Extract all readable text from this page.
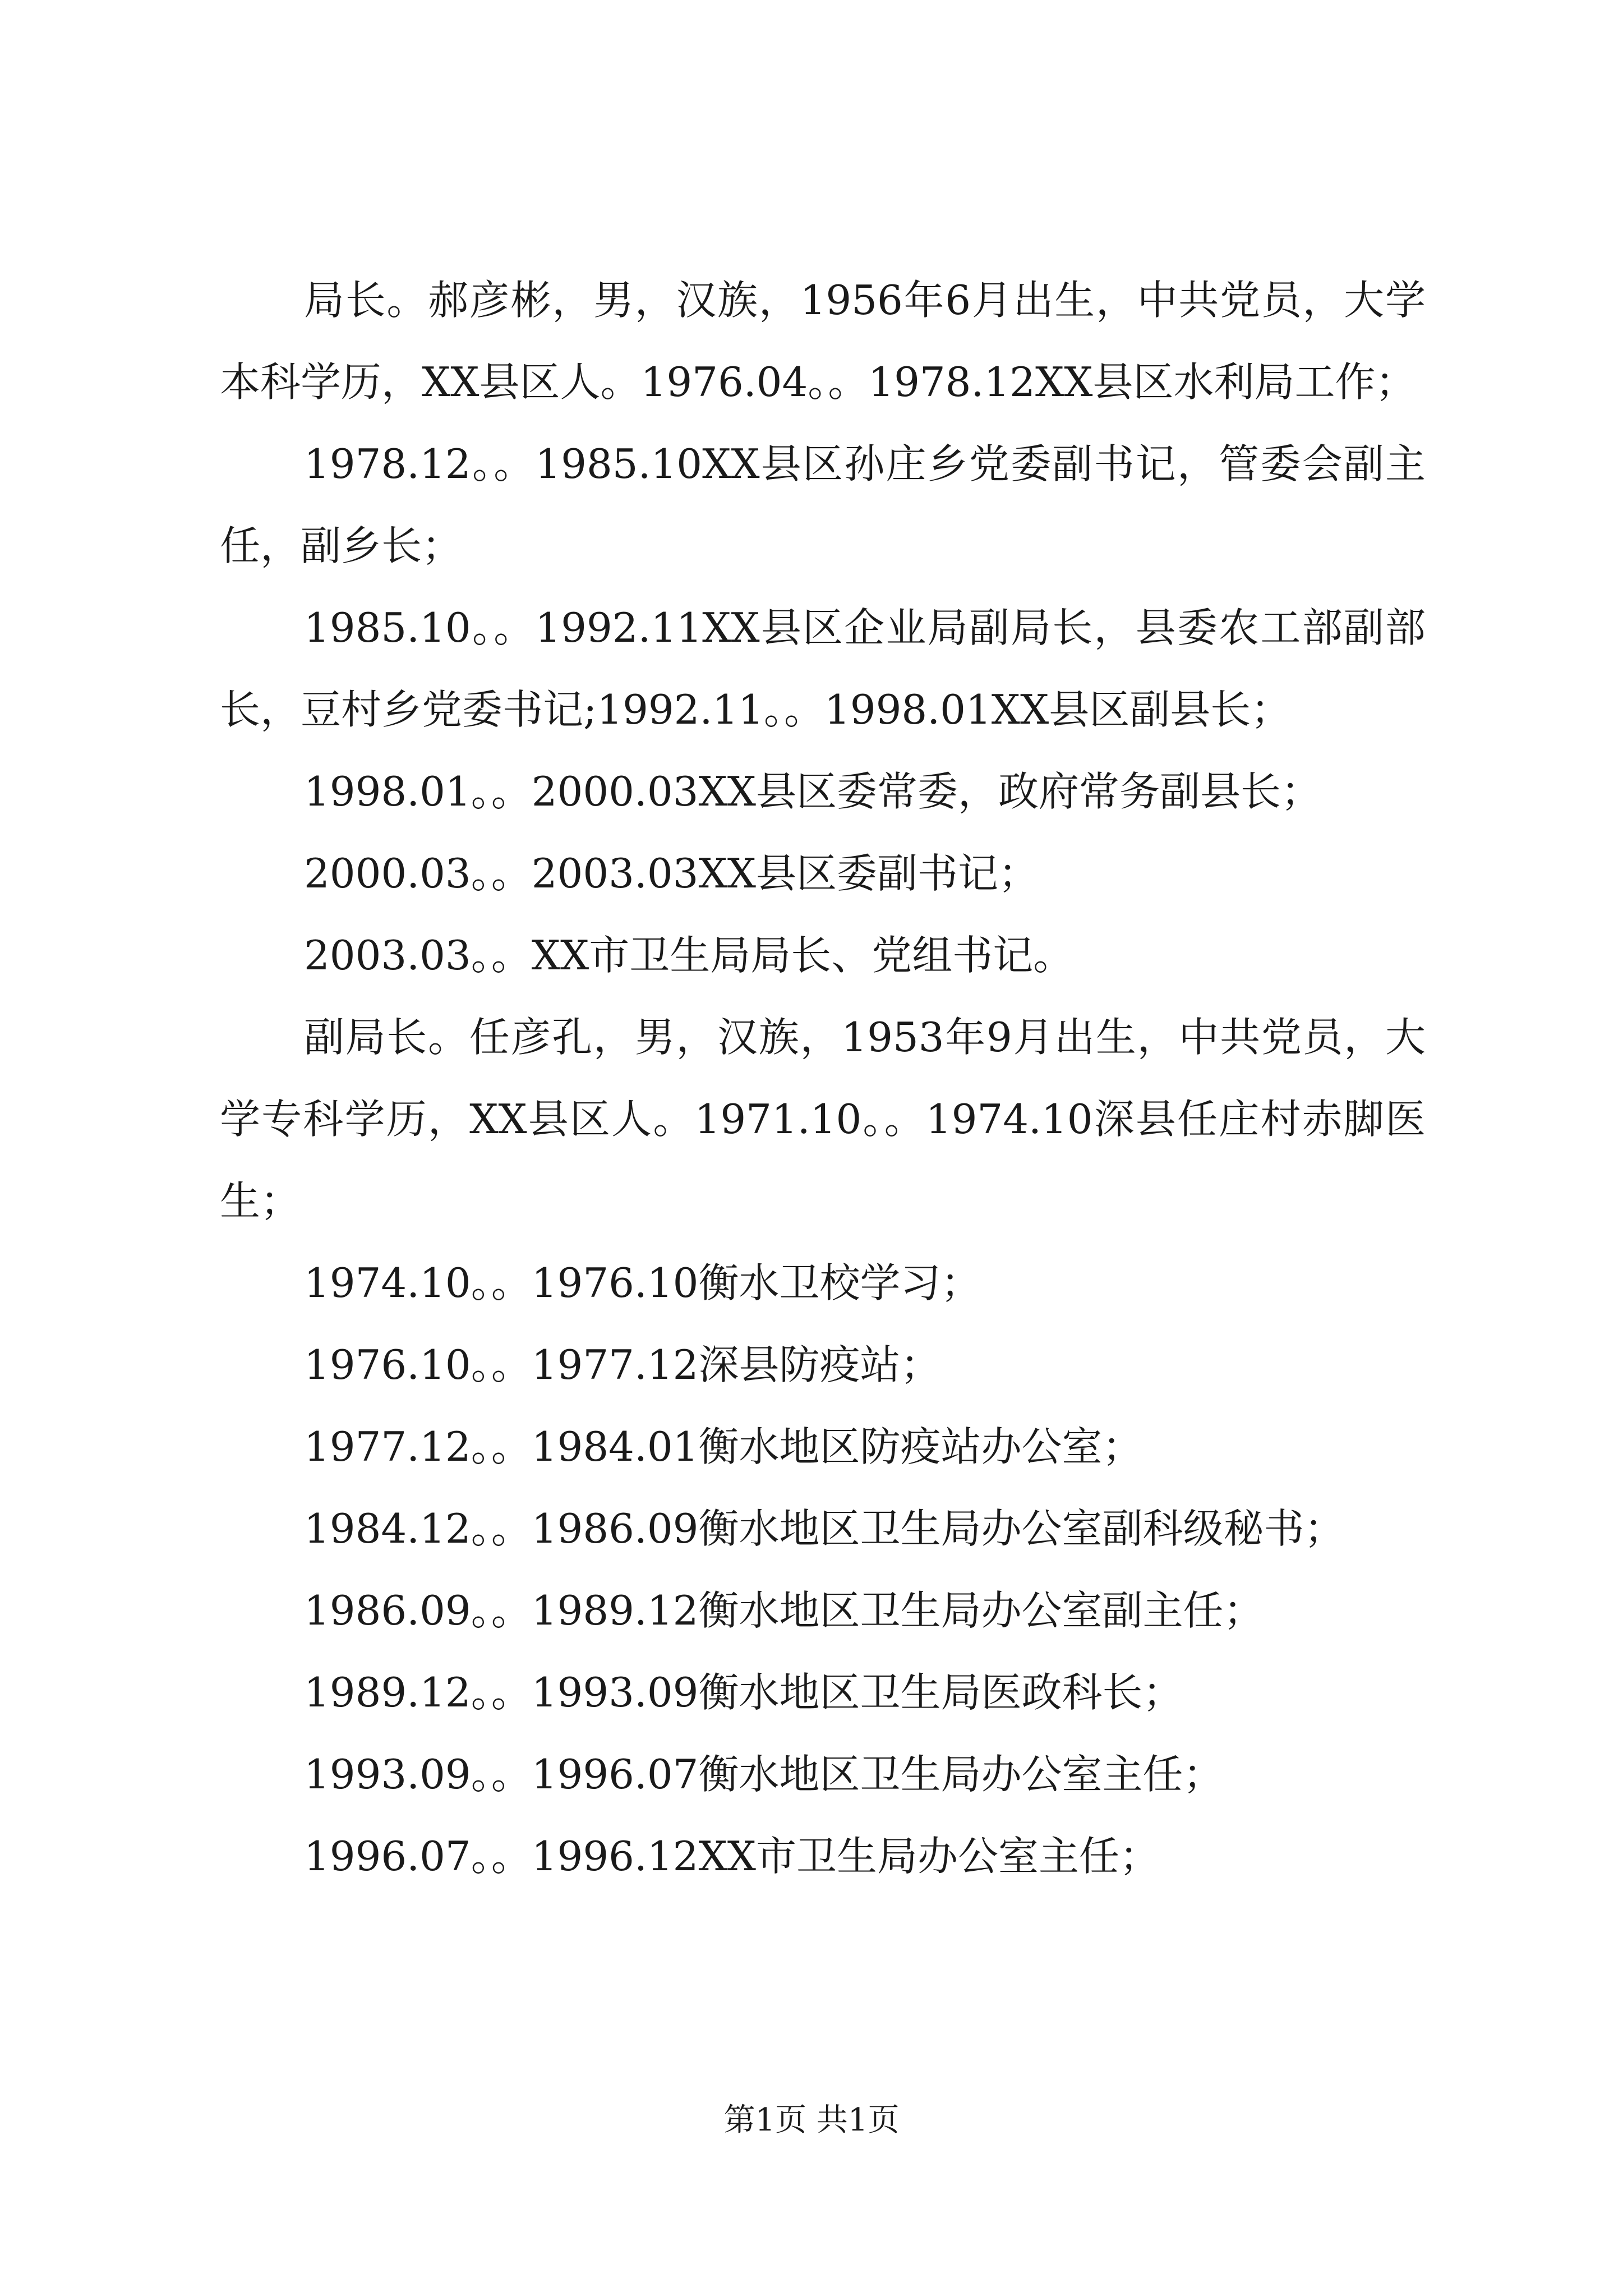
局长。郝彦彬，男，汉族，1956年6月出生，中共党员，大学本科学历，XX县区人。1976.04。。1978.12XX县区水利局工作；

1978.12。。1985.10XX县区孙庄乡党委副书记，管委会副主任，副乡长；

1985.10。。1992.11XX县区企业局副局长，县委农工部副部长，豆村乡党委书记;1992.11。。1998.01XX县区副县长；

1998.01。。2000.03XX县区委常委，政府常务副县长；

2000.03。。2003.03XX县区委副书记；

2003.03。。XX市卫生局局长、党组书记。

副局长。任彦孔，男，汉族，1953年9月出生，中共党员，大学专科学历，XX县区人。1971.10。。1974.10深县任庄村赤脚医生；

1974.10。。1976.10衡水卫校学习；

1976.10。。1977.12深县防疫站；

1977.12。。1984.01衡水地区防疫站办公室；

1984.12。。1986.09衡水地区卫生局办公室副科级秘书；

1986.09。。1989.12衡水地区卫生局办公室副主任；

1989.12。。1993.09衡水地区卫生局医政科长；

1993.09。。1996.07衡水地区卫生局办公室主任；

1996.07。。1996.12XX市卫生局办公室主任；

第1页 共1页
